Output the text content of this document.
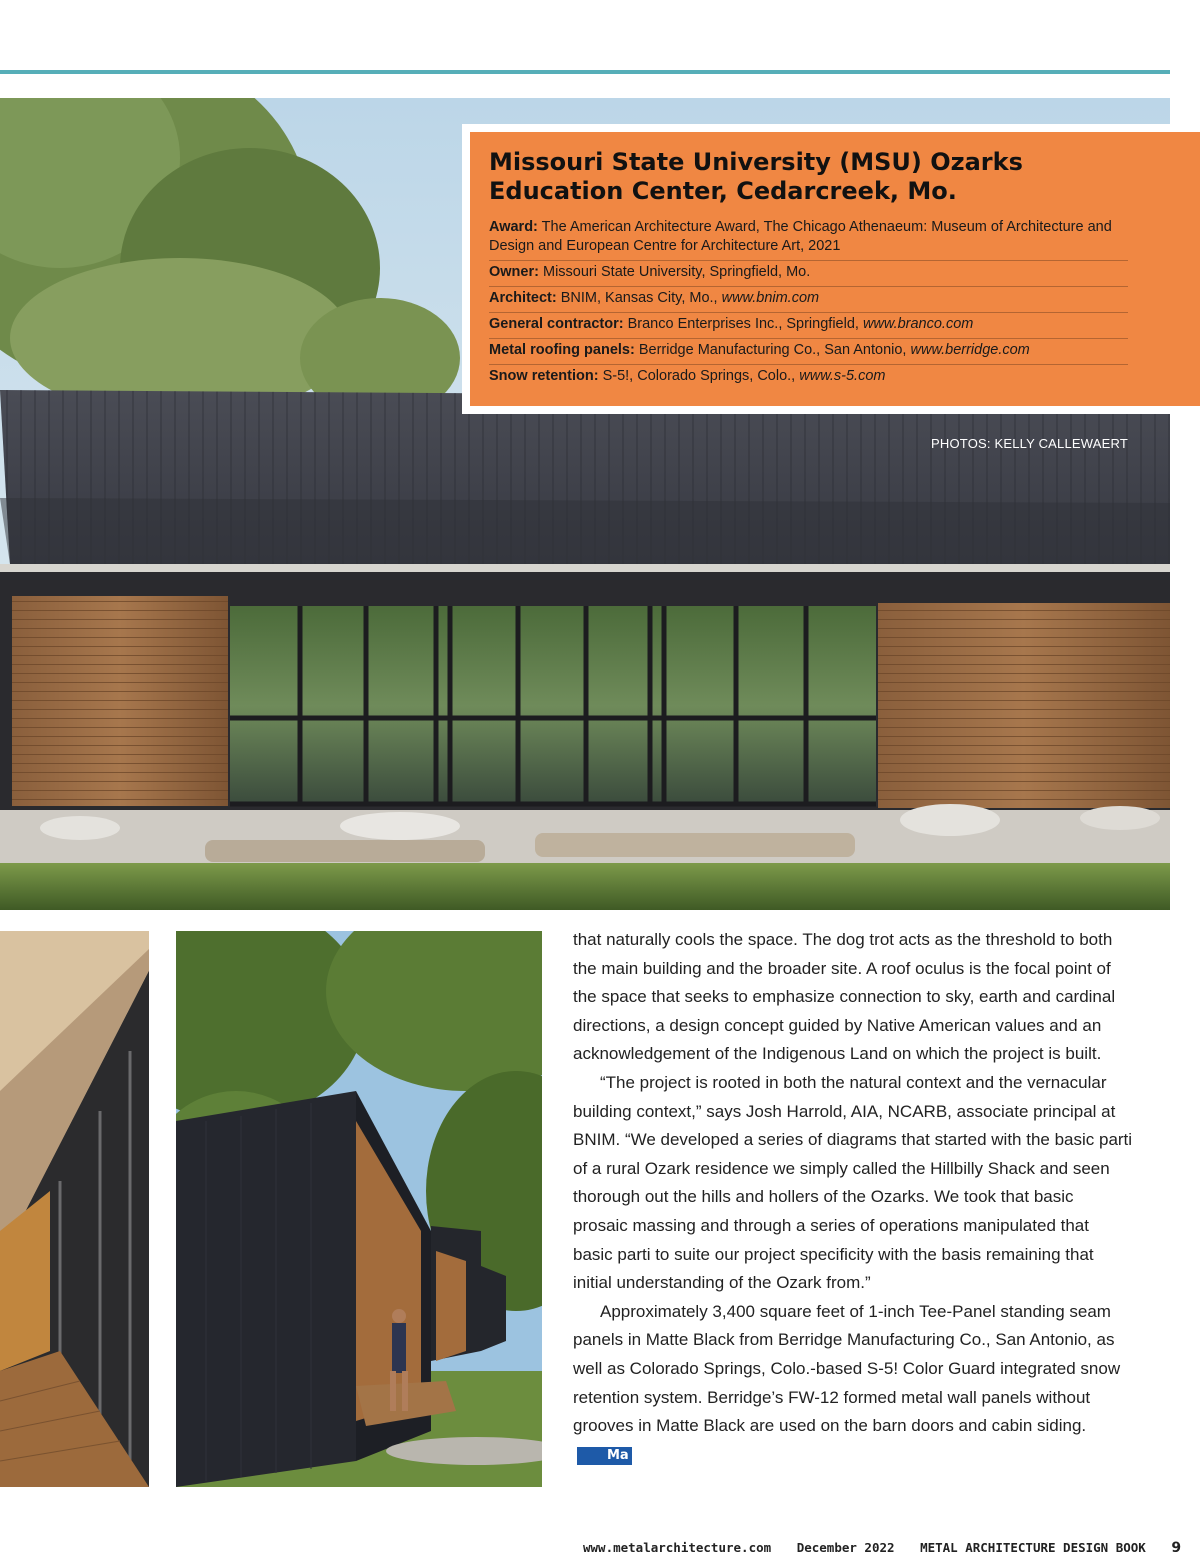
Missouri State University (MSU) Ozarks Education Center, Cedarcreek, Mo.
Award: The American Architecture Award, The Chicago Athenaeum: Museum of Architecture and Design and European Centre for Architecture Art, 2021
Owner: Missouri State University, Springfield, Mo.
Architect: BNIM, Kansas City, Mo., www.bnim.com
General contractor: Branco Enterprises Inc., Springfield, www.branco.com
Metal roofing panels: Berridge Manufacturing Co., San Antonio, www.berridge.com
Snow retention: S-5!, Colorado Springs, Colo., www.s-5.com
PHOTOS: KELLY CALLEWAERT

that naturally cools the space. The dog trot acts as the threshold to both the main building and the broader site. A roof oculus is the focal point of the space that seeks to emphasize connection to sky, earth and cardinal directions, a design concept guided by Native American values and an acknowledgement of the Indigenous Land on which the project is built.

“The project is rooted in both the natural context and the vernacular building context,” says Josh Harrold, AIA, NCARB, associate principal at BNIM. “We developed a series of diagrams that started with the basic parti of a rural Ozark residence we simply called the Hillbilly Shack and seen thorough out the hills and hollers of the Ozarks. We took that basic prosaic massing and through a series of operations manipulated that basic parti to suite our project specificity with the basis remaining that initial understanding of the Ozark from.”

Approximately 3,400 square feet of 1-inch Tee-Panel standing seam panels in Matte Black from Berridge Manufacturing Co., San Antonio, as well as Colorado Springs, Colo.-based S-5! Color Guard integrated snow retention system. Berridge’s FW-12 formed metal wall panels without grooves in Matte Black are used on the barn doors and cabin siding.Ma

www.metalarchitecture.com December 2022 METAL ARCHITECTURE DESIGN BOOK 9
